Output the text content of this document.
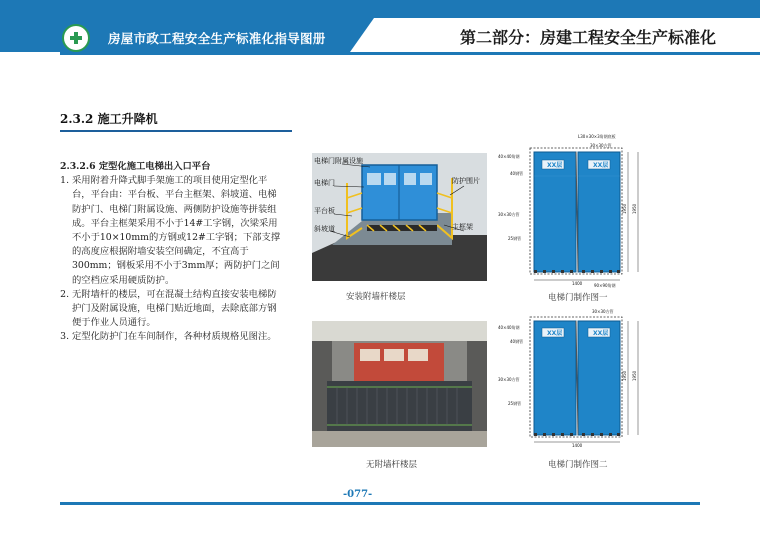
房屋市政工程安全生产标准化指导图册	第二部分：房建工程安全生产标准化
2.3.2 施工升降机
2.3.2.6 定型化施工电梯出入口平台
1. 采用附着升降式脚手架施工的项目使用定型化平台，平台由：平台板、平台主框架、斜坡道、电梯防护门、电梯门附属设施、两侧防护设施等拼装组成。平台主框架采用不小于14#工字钢，次梁采用不小于10×10mm的方钢或12#工字钢；下部支撑的高度应根据附墙安装空间确定，不宜高于300mm；钢板采用不小于3mm厚；两防护门之间的空档应采用硬质防护。
2. 无附墙杆的楼层，可在混凝土结构直接安装电梯防护门及附属设施，电梯门贴近地面，去除底部方钢便于作业人员通行。
3. 定型化防护门在车间制作，各种材质规格见图注。
电梯门附属设施
电梯门
平台板
斜坡道
防护围片
主框架
安装附墙杆楼层
无附墙杆楼层
L30×30×3角钢底板
30×30方管
40×40角钢
40钢管
30×30方管
25钢管
90×90角钢
XX层	XX层
1400
1950 1950
电梯门制作图一
30×30方管
40×40角钢
40钢管
30×30方管
25钢管
XX层	XX层
1400
1950 1950
电梯门制作图二
-077-
